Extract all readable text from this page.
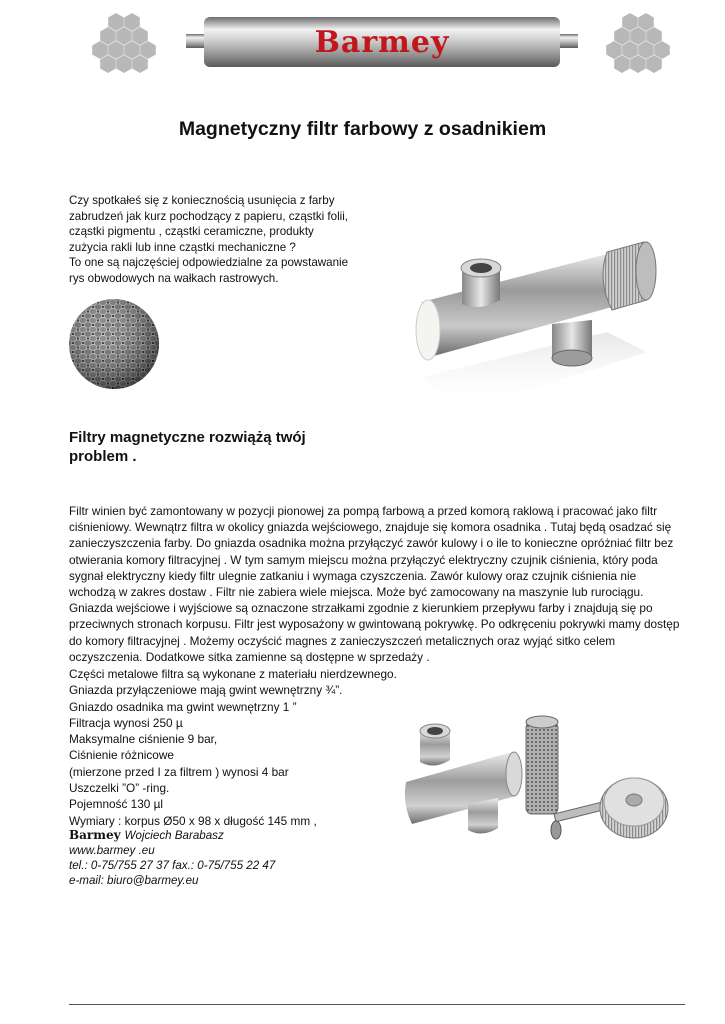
Barmey
Magnetyczny filtr farbowy z osadnikiem

Czy spotkałeś się z koniecznością usunięcia z farby

zabrudzeń jak kurz pochodzący z papieru, cząstki folii,

cząstki pigmentu , cząstki ceramiczne, produkty

zużycia rakli lub inne cząstki mechaniczne ?

To one są najczęściej odpowiedzialne za powstawanie

rys obwodowych na wałkach rastrowych.

Filtry magnetyczne rozwiążą twój
problem .
Filtr winien być zamontowany w pozycji pionowej za pompą farbową a przed komorą raklową i pracować jako filtr ciśnieniowy. Wewnątrz filtra w okolicy gniazda wejściowego, znajduje się komora osadnika . Tutaj będą osadzać się zanieczyszczenia farby. Do gniazda osadnika można przyłączyć zawór kulowy i o ile to konieczne opróżniać filtr bez otwierania komory filtracyjnej . W tym samym miejscu można przyłączyć elektryczny czujnik ciśnienia, który poda sygnał elektryczny kiedy filtr ulegnie zatkaniu i wymaga czyszczenia. Zawór kulowy oraz czujnik ciśnienia nie wchodzą w zakres dostaw . Filtr nie zabiera wiele miejsca. Może być zamocowany na maszynie lub rurociągu. Gniazda wejściowe i wyjściowe są oznaczone strzałkami zgodnie z kierunkiem przepływu farby i znajdują się po przeciwnych stronach korpusu. Filtr jest wyposażony w gwintowaną pokrywkę. Po odkręceniu pokrywki mamy dostęp do komory filtracyjnej . Możemy oczyścić magnes z zanieczyszczeń metalicznych oraz wyjąć sitko celem oczyszczenia. Dodatkowe sitka zamienne są dostępne w sprzedaży .
Części metalowe filtra są wykonane z materiału nierdzewnego.
Gniazda przyłączeniowe mają gwint wewnętrzny ¾”.
Gniazdo osadnika ma gwint wewnętrzny 1 ”
Filtracja wynosi 250 µ
Maksymalne ciśnienie 9 bar,
Ciśnienie różnicowe
(mierzone przed I za filtrem ) wynosi 4 bar
Uszczelki ”O” -ring.
Pojemność 130 µl
Wymiary : korpus Ø50 x 98 x długość 145 mm ,
Barmey Wojciech Barabasz
www.barmey .eu
tel.: 0-75/755 27 37 fax.: 0-75/755 22 47
e-mail: biuro@barmey.eu
